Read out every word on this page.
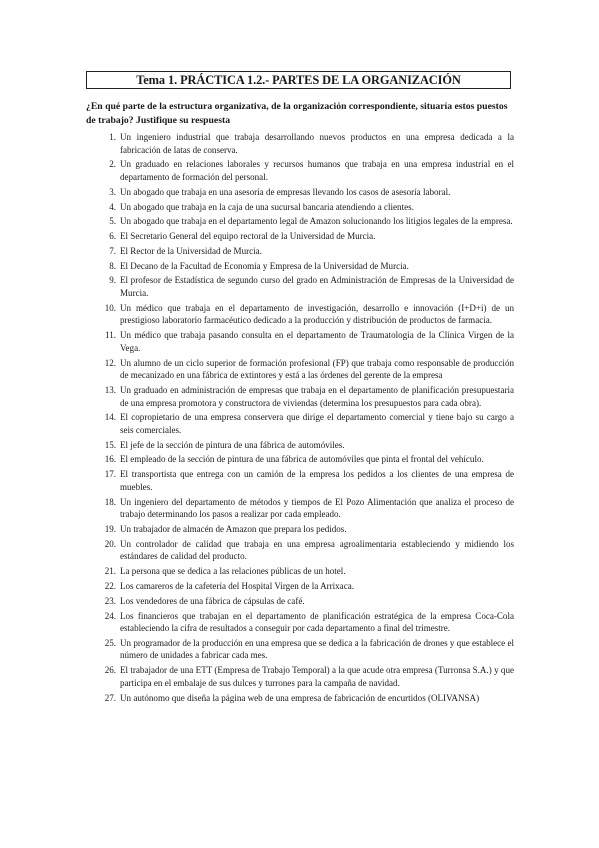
Tema 1. PRÁCTICA 1.2.- PARTES DE LA ORGANIZACIÓN
¿En qué parte de la estructura organizativa, de la organización correspondiente, situaría estos puestos de trabajo? Justifique su respuesta
1. Un ingeniero industrial que trabaja desarrollando nuevos productos en una empresa dedicada a la fabricación de latas de conserva.
2. Un graduado en relaciones laborales y recursos humanos que trabaja en una empresa industrial en el departamento de formación del personal.
3. Un abogado que trabaja en una asesoría de empresas llevando los casos de asesoría laboral.
4. Un abogado que trabaja en la caja de una sucursal bancaria atendiendo a clientes.
5. Un abogado que trabaja en el departamento legal de Amazon solucionando los litigios legales de la empresa.
6. El Secretario General del equipo rectoral de la Universidad de Murcia.
7. El Rector de la Universidad de Murcia.
8. El Decano de la Facultad de Economía y Empresa de la Universidad de Murcia.
9. El profesor de Estadística de segundo curso del grado en Administración de Empresas de la Universidad de Murcia.
10. Un médico que trabaja en el departamento de investigación, desarrollo e innovación (I+D+i) de un prestigioso laboratorio farmacéutico dedicado a la producción y distribución de productos de farmacia.
11. Un médico que trabaja pasando consulta en el departamento de Traumatología de la Clínica Virgen de la Vega.
12. Un alumno de un ciclo superior de formación profesional (FP) que trabaja como responsable de producción de mecanizado en una fábrica de extintores y está a las órdenes del gerente de la empresa
13. Un graduado en administración de empresas que trabaja en el departamento de planificación presupuestaria de una empresa promotora y constructora de viviendas (determina los presupuestos para cada obra).
14. El copropietario de una empresa conservera que dirige el departamento comercial y tiene bajo su cargo a seis comerciales.
15. El jefe de la sección de pintura de una fábrica de automóviles.
16. El empleado de la sección de pintura de una fábrica de automóviles que pinta el frontal del vehículo.
17. El transportista que entrega con un camión de la empresa los pedidos a los clientes de una empresa de muebles.
18. Un ingeniero del departamento de métodos y tiempos de El Pozo Alimentación que analiza el proceso de trabajo determinando los pasos a realizar por cada empleado.
19. Un trabajador de almacén de Amazon que prepara los pedidos.
20. Un controlador de calidad que trabaja en una empresa agroalimentaria estableciendo y midiendo los estándares de calidad del producto.
21. La persona que se dedica a las relaciones públicas de un hotel.
22. Los camareros de la cafetería del Hospital Virgen de la Arrixaca.
23. Los vendedores de una fábrica de cápsulas de café.
24. Los financieros que trabajan en el departamento de planificación estratégica de la empresa Coca-Cola estableciendo la cifra de resultados a conseguir por cada departamento a final del trimestre.
25. Un programador de la producción en una empresa que se dedica a la fabricación de drones y que establece el número de unidades a fabricar cada mes.
26. El trabajador de una ETT (Empresa de Trabajo Temporal) a la que acude otra empresa (Turronsa S.A.) y que participa en el embalaje de sus dulces y turrones para la campaña de navidad.
27. Un autónomo que diseña la página web de una empresa de fabricación de encurtidos (OLIVANSA)
